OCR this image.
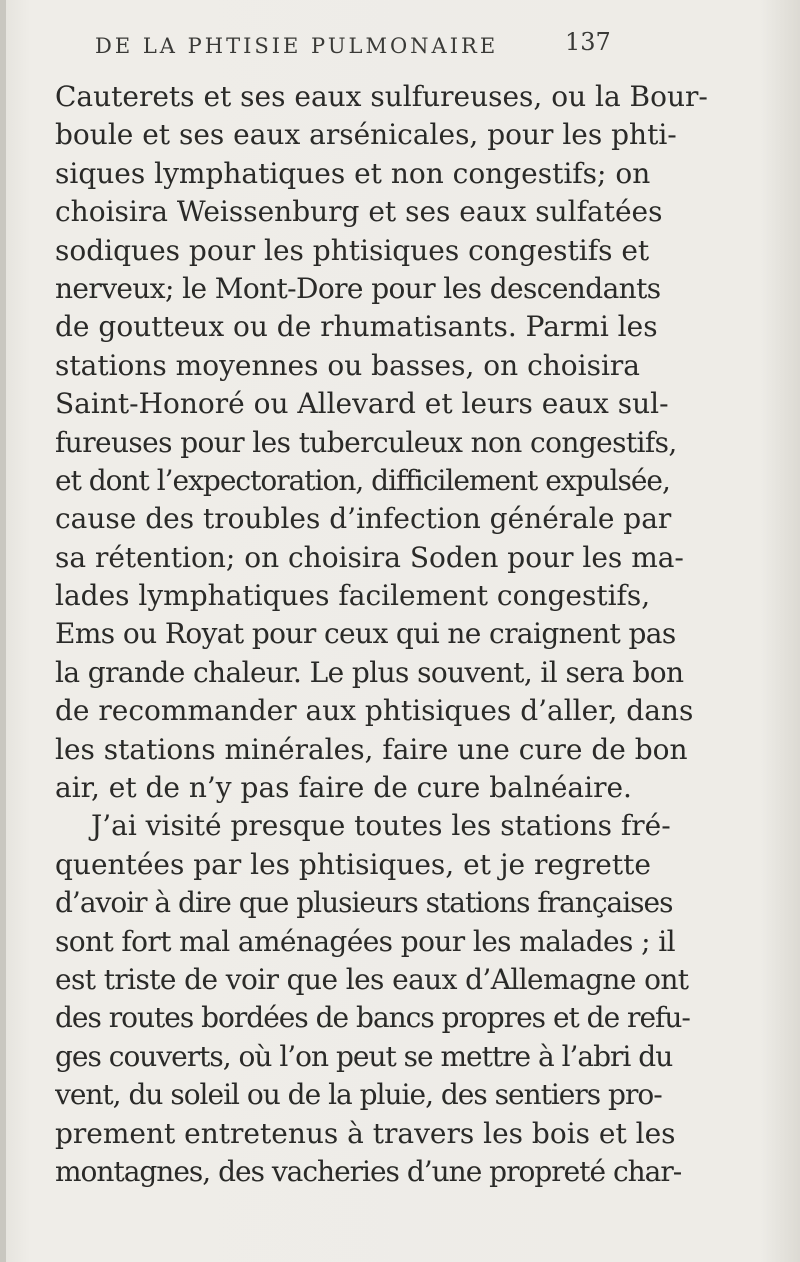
DE LA PHTISIE PULMONAIRE	137
Cauterets et ses eaux sulfureuses, ou la Bour-
boule et ses eaux arsénicales, pour les phti-
siques lymphatiques et non congestifs; on
choisira Weissenburg et ses eaux sulfatées
sodiques pour les phtisiques congestifs et
nerveux; le Mont-Dore pour les descendants
de goutteux ou de rhumatisants. Parmi les
stations moyennes ou basses, on choisira
Saint-Honoré ou Allevard et leurs eaux sul-
fureuses pour les tuberculeux non congestifs,
et dont l’expectoration, difficilement expulsée,
cause des troubles d’infection générale par
sa rétention; on choisira Soden pour les ma-
lades lymphatiques facilement congestifs,
Ems ou Royat pour ceux qui ne craignent pas
la grande chaleur. Le plus souvent, il sera bon
de recommander aux phtisiques d’aller, dans
les stations minérales, faire une cure de bon
air, et de n’y pas faire de cure balnéaire.
J’ai visité presque toutes les stations fré-
quentées par les phtisiques, et je regrette
d’avoir à dire que plusieurs stations françaises
sont fort mal aménagées pour les malades ; il
est triste de voir que les eaux d’Allemagne ont
des routes bordées de bancs propres et de refu-
ges couverts, où l’on peut se mettre à l’abri du
vent, du soleil ou de la pluie, des sentiers pro-
prement entretenus à travers les bois et les
montagnes, des vacheries d’une propreté char-
